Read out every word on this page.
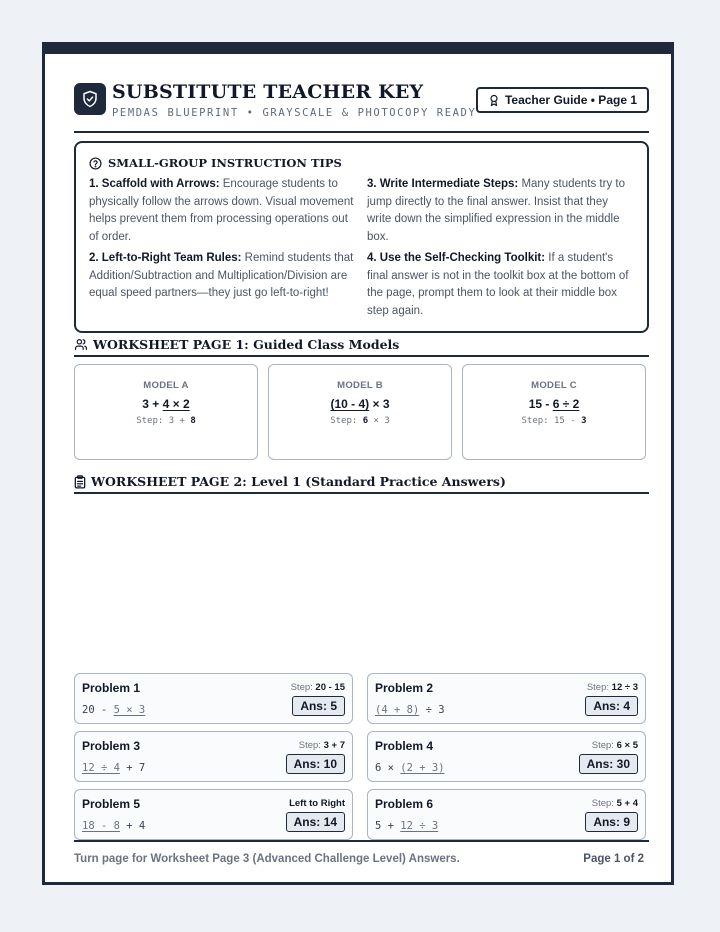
SUBSTITUTE TEACHER KEY
PEMDAS BLUEPRINT • GRAYSCALE & PHOTOCOPY READY
Teacher Guide • Page 1
SMALL-GROUP INSTRUCTION TIPS
1. Scaffold with Arrows: Encourage students to physically follow the arrows down. Visual movement helps prevent them from processing operations out of order.
2. Left-to-Right Team Rules: Remind students that Addition/Subtraction and Multiplication/Division are equal speed partners—they just go left-to-right!
3. Write Intermediate Steps: Many students try to jump directly to the final answer. Insist that they write down the simplified expression in the middle box.
4. Use the Self-Checking Toolkit: If a student's final answer is not in the toolkit box at the bottom of the page, prompt them to look at their middle box step again.
WORKSHEET PAGE 1: Guided Class Models
MODEL A
3 + 4 × 2
Step: 3 + 8
MODEL B
(10 - 4) × 3
Step: 6 × 3
MODEL C
15 - 6 ÷ 2
Step: 15 - 3
WORKSHEET PAGE 2: Level 1 (Standard Practice Answers)
Problem 1	Step: 20 - 15
20 - 5 × 3	Ans: 5
Problem 2	Step: 12 ÷ 3
(4 + 8) ÷ 3	Ans: 4
Problem 3	Step: 3 + 7
12 ÷ 4 + 7	Ans: 10
Problem 4	Step: 6 × 5
6 × (2 + 3)	Ans: 30
Problem 5	Left to Right
18 - 8 + 4	Ans: 14
Problem 6	Step: 5 + 4
5 + 12 ÷ 3	Ans: 9
Turn page for Worksheet Page 3 (Advanced Challenge Level) Answers.	Page 1 of 2
